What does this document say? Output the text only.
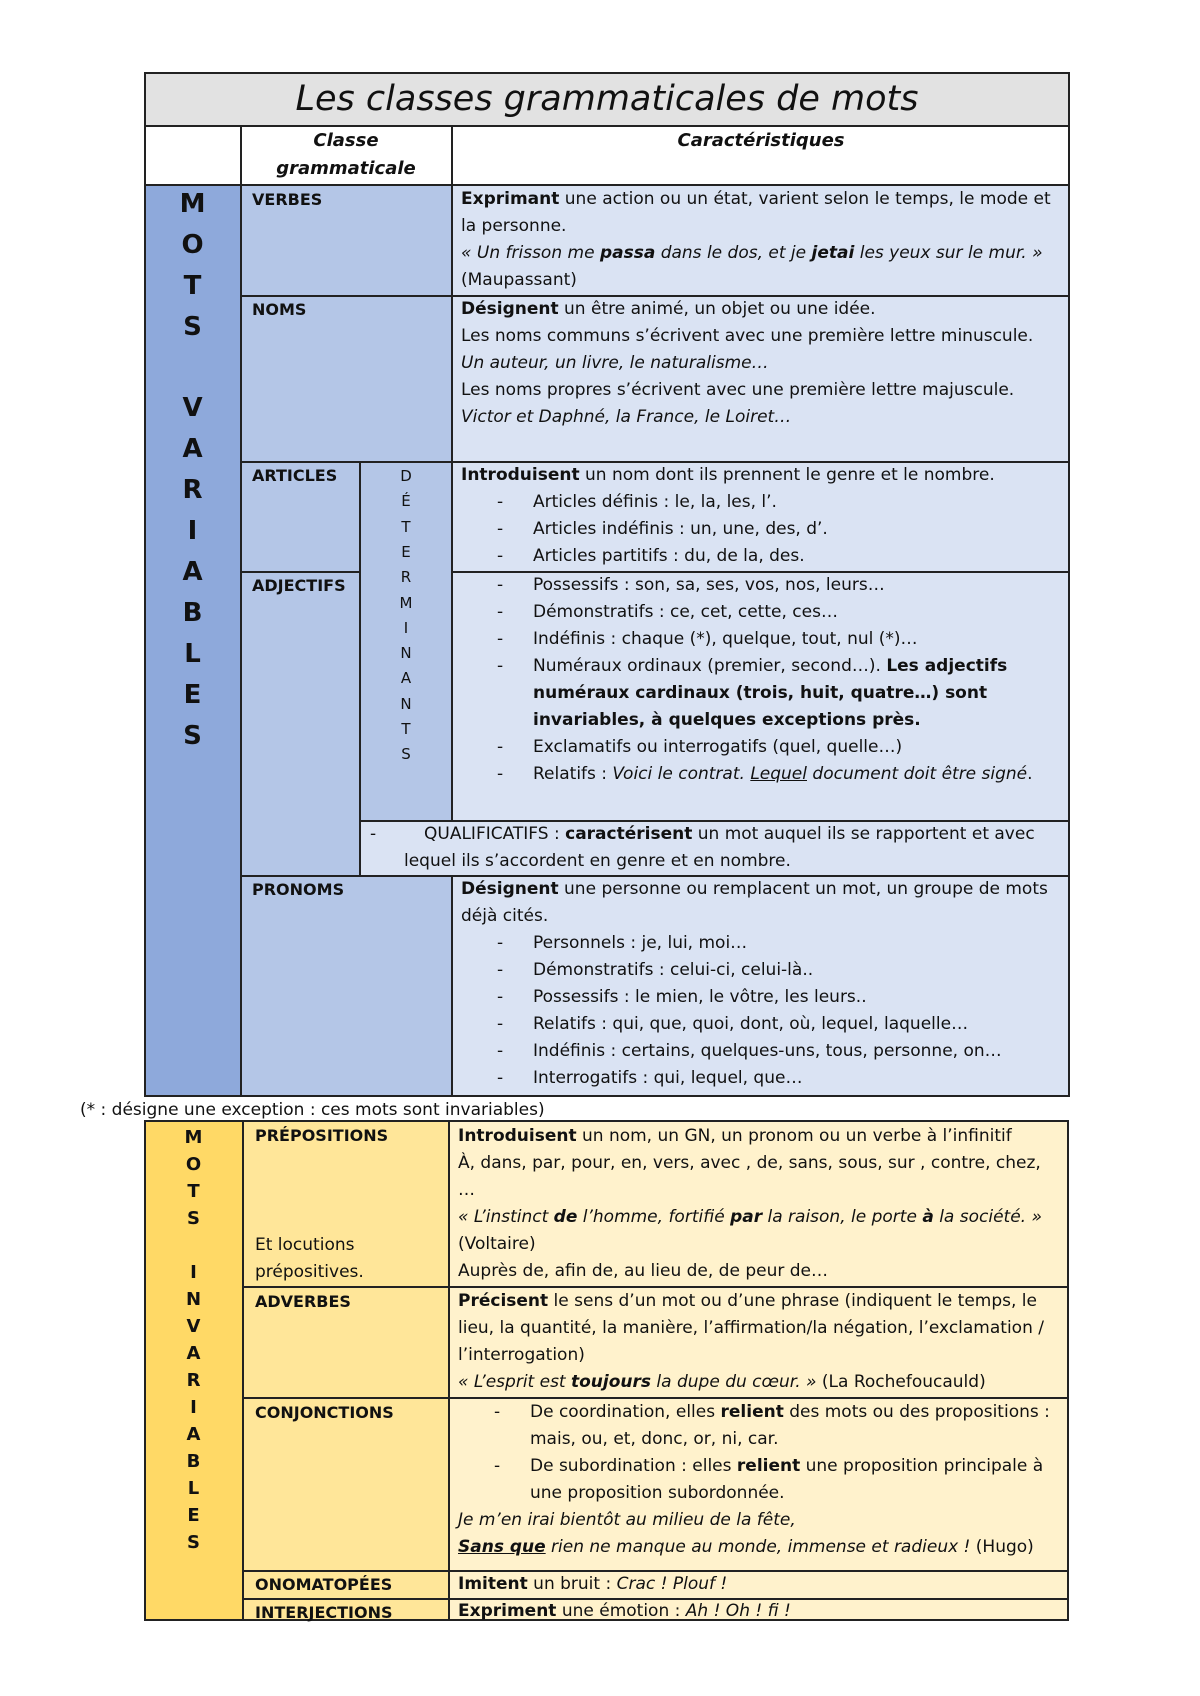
Les classes grammaticales de mots
Classe grammaticale
Caractéristiques
M
O
T
S
V
A
R
I
A
B
L
E
S
D
É
T
E
R
M
I
N
A
N
T
S
VERBES
NOMS
ARTICLES
ADJECTIFS
PRONOMS
Exprimant une action ou un état, varient selon le temps, le mode et la personne.
« Un frisson me passa dans le dos, et je jetai les yeux sur le mur. » (Maupassant)
Désignent un être animé, un objet ou une idée.
Les noms communs s’écrivent avec une première lettre minuscule.
Un auteur, un livre, le naturalisme…
Les noms propres s’écrivent avec une première lettre majuscule.
Victor et Daphné, la France, le Loiret…
Introduisent un nom dont ils prennent le genre et le nombre.
- Articles définis : le, la, les, l’.
- Articles indéfinis : un, une, des, d’.
- Articles partitifs : du, de la, des.
- Possessifs : son, sa, ses, vos, nos, leurs…
- Démonstratifs : ce, cet, cette, ces…
- Indéfinis : chaque (*), quelque, tout, nul (*)…
- Numéraux ordinaux (premier, second…). Les adjectifs numéraux cardinaux (trois, huit, quatre…) sont invariables, à quelques exceptions près.
- Exclamatifs ou interrogatifs (quel, quelle…)
- Relatifs : Voici le contrat. Lequel document doit être signé.
-	QUALIFICATIFS : caractérisent un mot auquel ils se rapportent et avec lequel ils s’accordent en genre et en nombre.
Désignent une personne ou remplacent un mot, un groupe de mots déjà cités.
- Personnels : je, lui, moi…
- Démonstratifs : celui-ci, celui-là..
- Possessifs : le mien, le vôtre, les leurs..
- Relatifs : qui, que, quoi, dont, où, lequel, laquelle…
- Indéfinis : certains, quelques-uns, tous, personne, on…
- Interrogatifs : qui, lequel, que…
(* : désigne une exception : ces mots sont invariables)
M
O
T
S
I
N
V
A
R
I
A
B
L
E
S
PRÉPOSITIONS
Et locutions prépositives.
ADVERBES
CONJONCTIONS
ONOMATOPÉES
INTERJECTIONS
Introduisent un nom, un GN, un pronom ou un verbe à l’infinitif
À, dans, par, pour, en, vers, avec , de, sans, sous, sur , contre, chez, …
« L’instinct de l’homme, fortifié par la raison, le porte à la société. » (Voltaire)
Auprès de, afin de, au lieu de, de peur de…
Précisent le sens d’un mot ou d’une phrase (indiquent le temps, le lieu, la quantité, la manière, l’affirmation/la négation, l’exclamation / l’interrogation)
« L’esprit est toujours la dupe du cœur. » (La Rochefoucauld)
- De coordination, elles relient des mots ou des propositions : mais, ou, et, donc, or, ni, car.
- De subordination : elles relient une proposition principale à une proposition subordonnée.
Je m’en irai bientôt au milieu de la fête,
Sans que rien ne manque au monde, immense et radieux ! (Hugo)
Imitent un bruit : Crac ! Plouf !
Expriment une émotion : Ah ! Oh ! fi !
